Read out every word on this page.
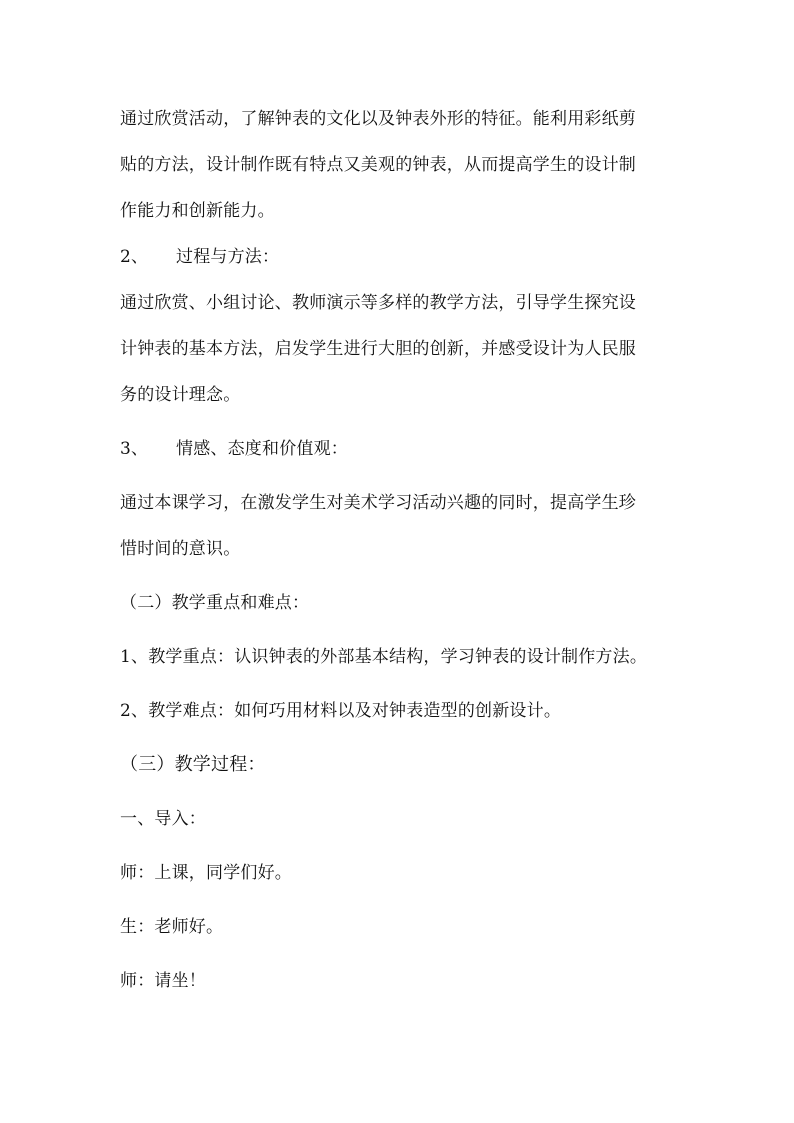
通过欣赏活动，了解钟表的文化以及钟表外形的特征。能利用彩纸剪
贴的方法，设计制作既有特点又美观的钟表，从而提高学生的设计制
作能力和创新能力。
2、 过程与方法：
通过欣赏、小组讨论、教师演示等多样的教学方法，引导学生探究设
计钟表的基本方法，启发学生进行大胆的创新，并感受设计为人民服
务的设计理念。
3、 情感、态度和价值观：
通过本课学习，在激发学生对美术学习活动兴趣的同时，提高学生珍
惜时间的意识。
（二）教学重点和难点：
1、教学重点：认识钟表的外部基本结构，学习钟表的设计制作方法。
2、教学难点：如何巧用材料以及对钟表造型的创新设计。
（三）教学过程：
一、导入：
师：上课，同学们好。
生：老师好。
师：请坐！
